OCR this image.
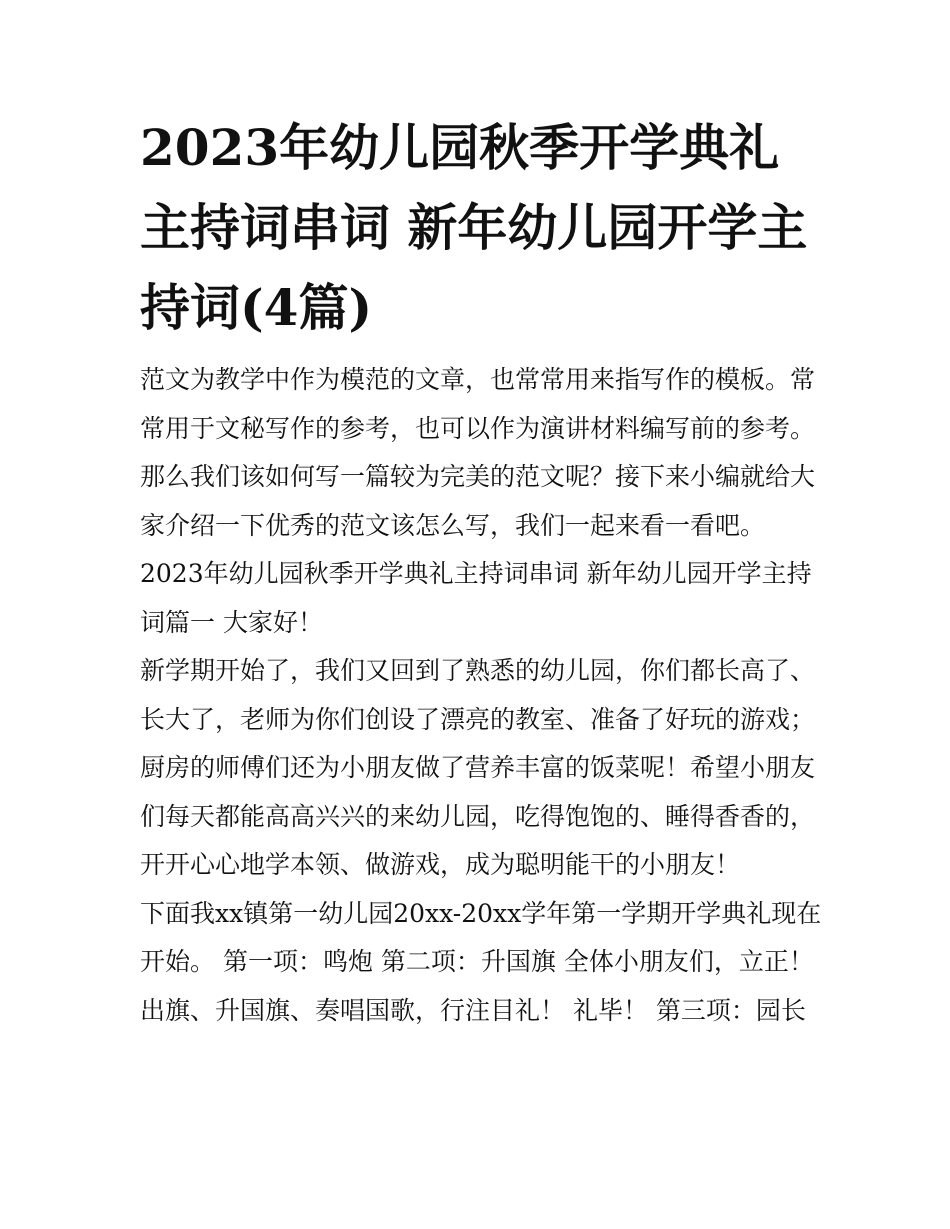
2023年幼儿园秋季开学典礼主持词串词 新年幼儿园开学主持词(4篇)

范文为教学中作为模范的文章，也常常用来指写作的模板。常常用于文秘写作的参考，也可以作为演讲材料编写前的参考。那么我们该如何写一篇较为完美的范文呢？接下来小编就给大家介绍一下优秀的范文该怎么写，我们一起来看一看吧。

2023年幼儿园秋季开学典礼主持词串词 新年幼儿园开学主持词篇一 大家好！

新学期开始了，我们又回到了熟悉的幼儿园，你们都长高了、长大了，老师为你们创设了漂亮的教室、准备了好玩的游戏；厨房的师傅们还为小朋友做了营养丰富的饭菜呢！希望小朋友们每天都能高高兴兴的来幼儿园，吃得饱饱的、睡得香香的，开开心心地学本领、做游戏，成为聪明能干的小朋友！

下面我xx镇第一幼儿园20xx-20xx学年第一学期开学典礼现在开始。 第一项：鸣炮 第二项：升国旗 全体小朋友们，立正！

出旗、升国旗、奏唱国歌，行注目礼！ 礼毕！ 第三项：园长
